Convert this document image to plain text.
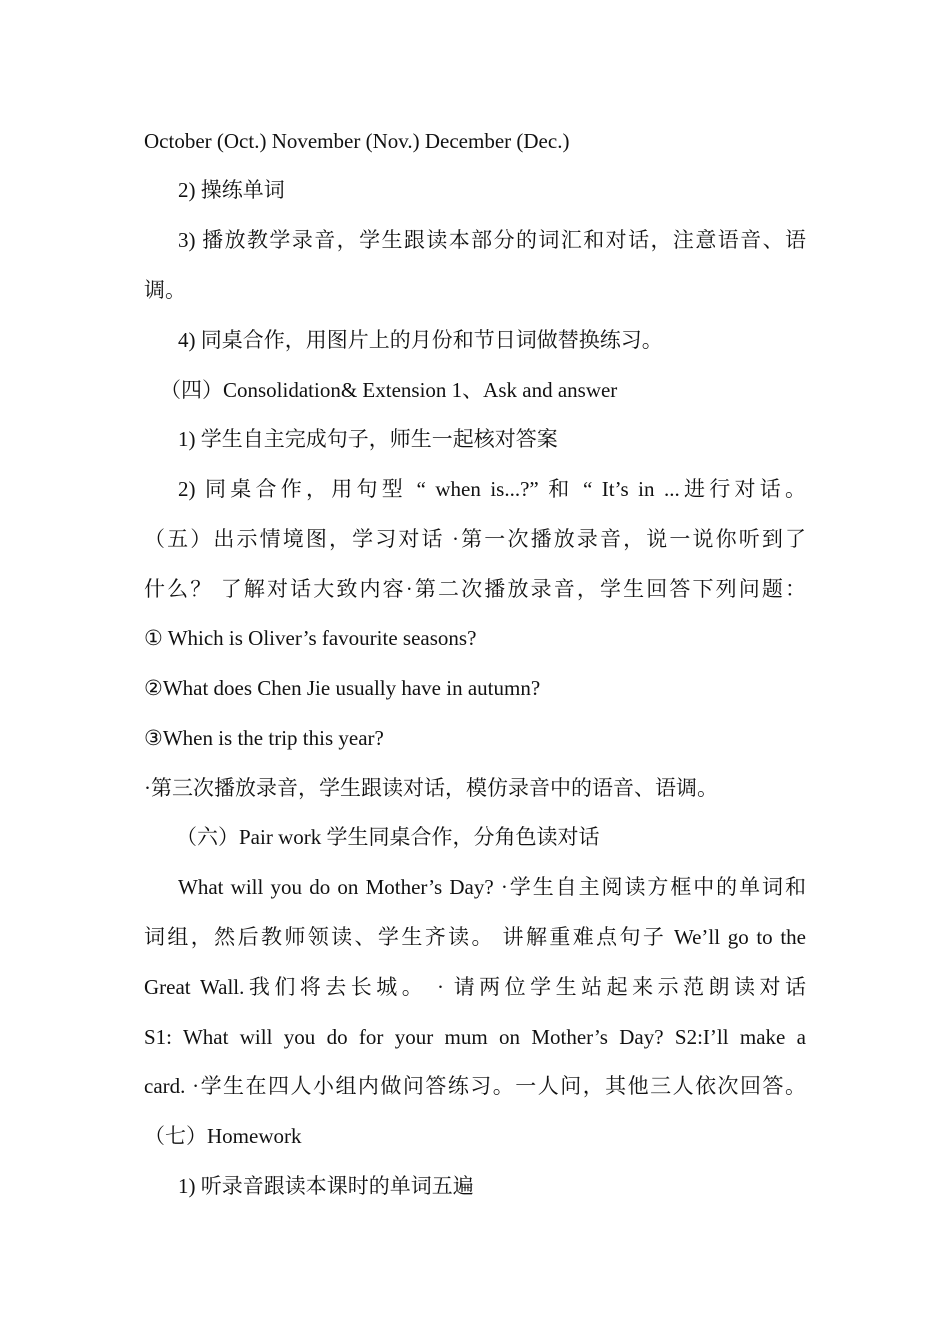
October (Oct.) November (Nov.) December (Dec.)
2) 操练单词
3) 播放教学录音，学生跟读本部分的词汇和对话，注意语音、语
调。
4) 同桌合作，用图片上的月份和节日词做替换练习。
（四）Consolidation& Extension 1、Ask and answer
1) 学生自主完成句子，师生一起核对答案
2) 同桌合作，用句型 “ when is...?” 和 “ It’s in ...进行对话。
（五）出示情境图，学习对话 ·第一次播放录音，说一说你听到了
什么？ 了解对话大致内容·第二次播放录音，学生回答下列问题：
① Which is Oliver’s favourite seasons?
②What does Chen Jie usually have in autumn?
③When is the trip this year?
·第三次播放录音，学生跟读对话，模仿录音中的语音、语调。
（六）Pair work 学生同桌合作，分角色读对话
What will you do on Mother’s Day? ·学生自主阅读方框中的单词和
词组，然后教师领读、学生齐读。 讲解重难点句子 We’ll go to the
Great Wall.我们将去长城。 · 请两位学生站起来示范朗读对话
S1: What will you do for your mum on Mother’s Day? S2:I’ll make a
card. ·学生在四人小组内做问答练习。一人问，其他三人依次回答。
（七）Homework
1) 听录音跟读本课时的单词五遍
